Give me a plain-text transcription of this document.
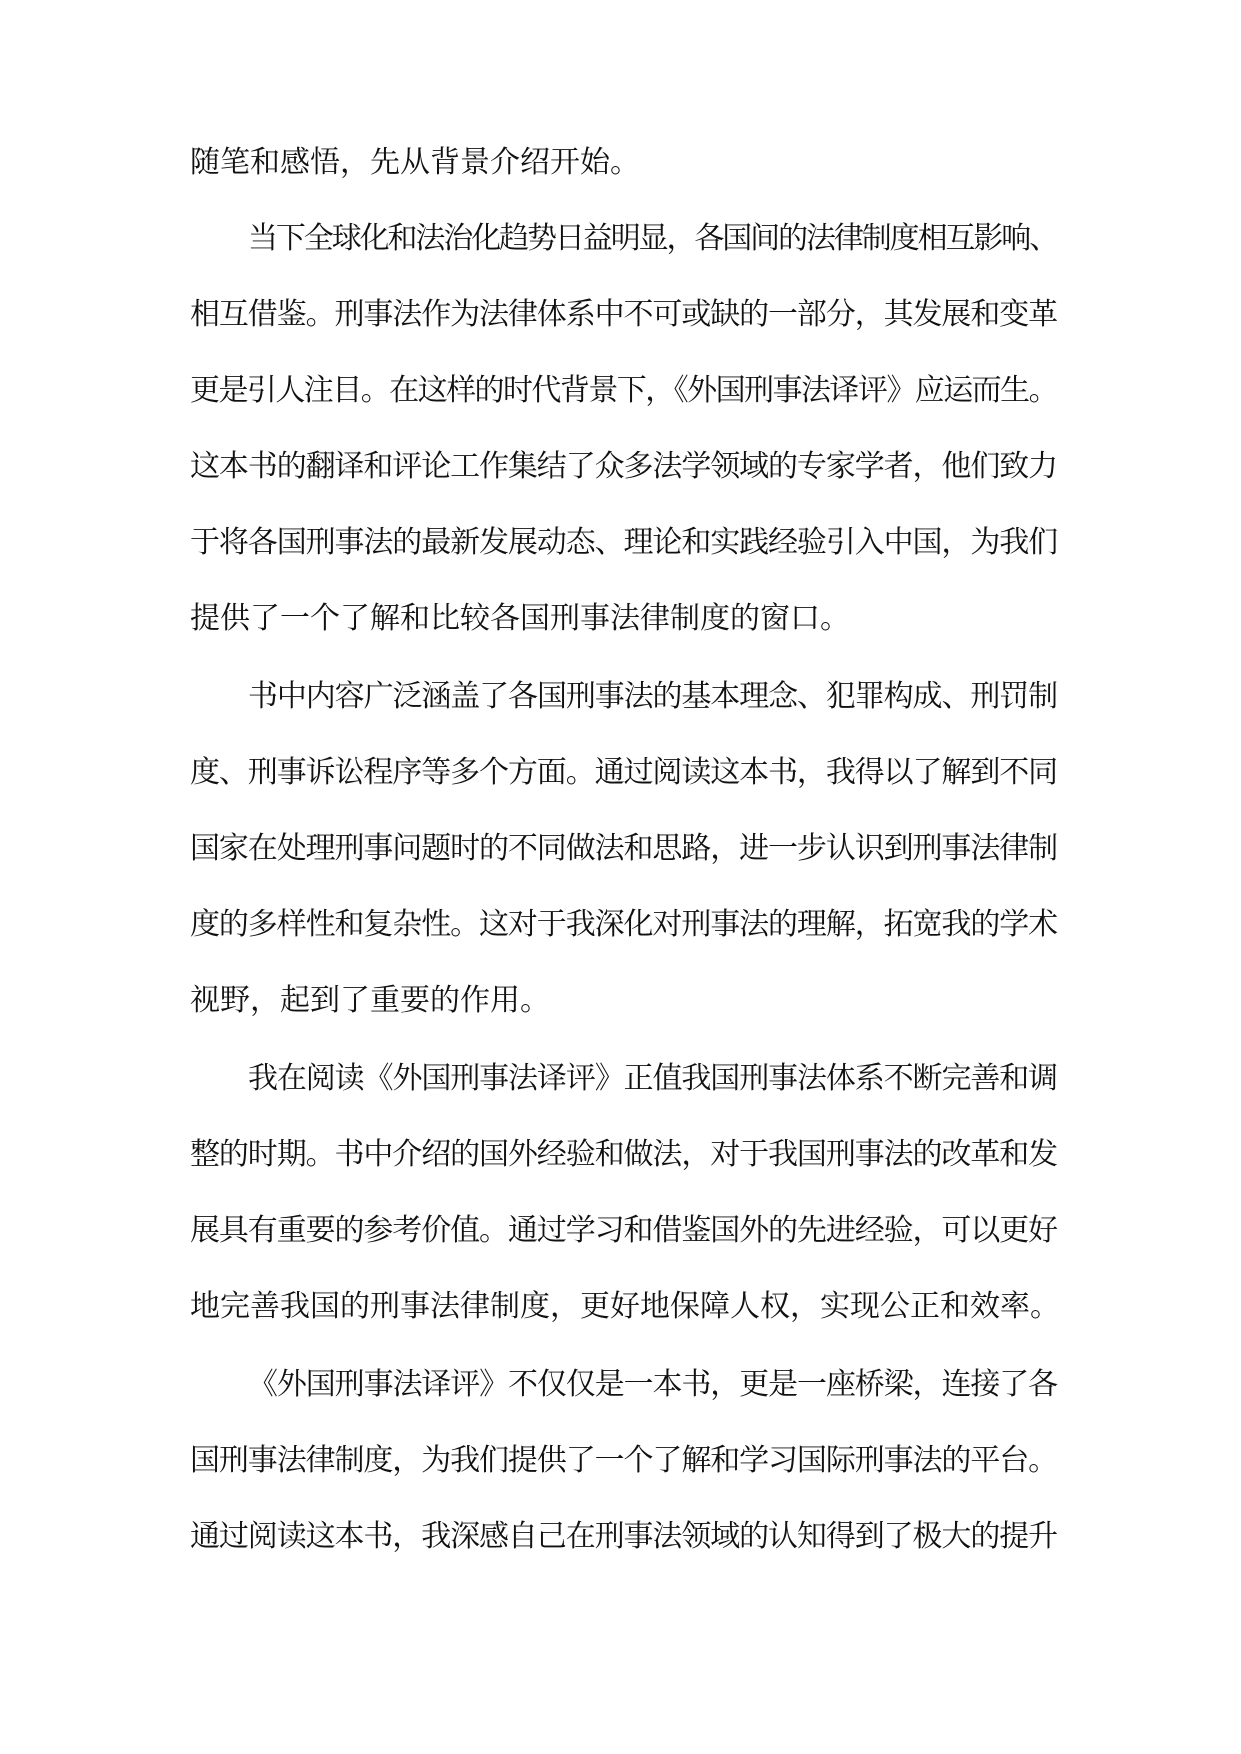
随笔和感悟，先从背景介绍开始。
当下全球化和法治化趋势日益明显，各国间的法律制度相互影响、
相互借鉴。刑事法作为法律体系中不可或缺的一部分，其发展和变革
更是引人注目。在这样的时代背景下，《外国刑事法译评》应运而生。
这本书的翻译和评论工作集结了众多法学领域的专家学者，他们致力
于将各国刑事法的最新发展动态、理论和实践经验引入中国，为我们
提供了一个了解和比较各国刑事法律制度的窗口。
书中内容广泛涵盖了各国刑事法的基本理念、犯罪构成、刑罚制
度、刑事诉讼程序等多个方面。通过阅读这本书，我得以了解到不同
国家在处理刑事问题时的不同做法和思路，进一步认识到刑事法律制
度的多样性和复杂性。这对于我深化对刑事法的理解，拓宽我的学术
视野，起到了重要的作用。
我在阅读《外国刑事法译评》正值我国刑事法体系不断完善和调
整的时期。书中介绍的国外经验和做法，对于我国刑事法的改革和发
展具有重要的参考价值。通过学习和借鉴国外的先进经验，可以更好
地完善我国的刑事法律制度，更好地保障人权，实现公正和效率。
《外国刑事法译评》不仅仅是一本书，更是一座桥梁，连接了各
国刑事法律制度，为我们提供了一个了解和学习国际刑事法的平台。
通过阅读这本书，我深感自己在刑事法领域的认知得到了极大的提升
